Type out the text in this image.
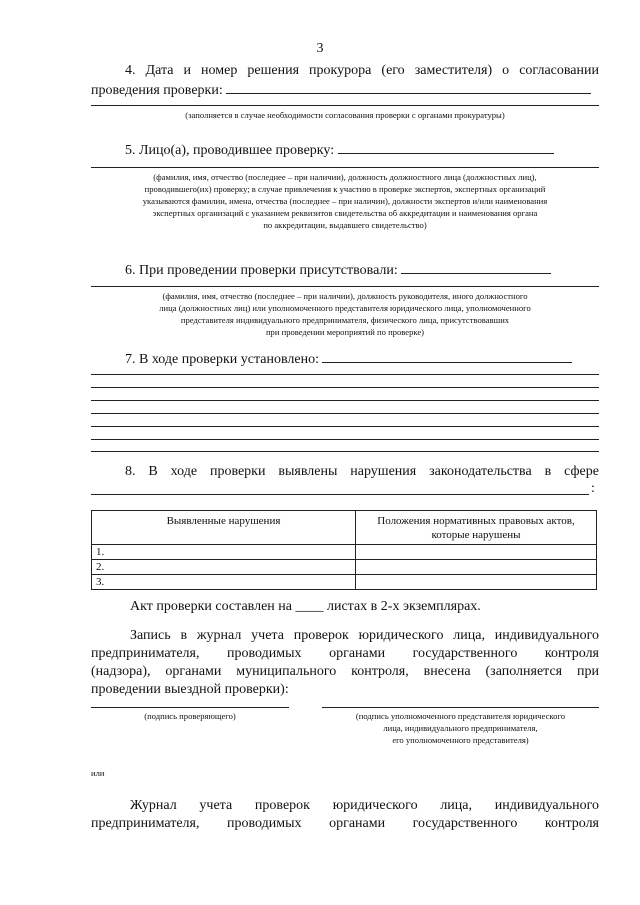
3
4. Дата и номер решения прокурора (его заместителя) о согласовании
проведения проверки:
(заполняется в случае необходимости согласования проверки с органами прокуратуры)
5. Лицо(а), проводившее проверку:
(фамилия, имя, отчество (последнее – при наличии), должность должностного лица (должностных лиц),
проводившего(их) проверку; в случае привлечения к участию в проверке экспертов, экспертных организаций
указываются фамилии, имена, отчества (последнее – при наличии), должности экспертов и/или наименования
экспертных организаций с указанием реквизитов свидетельства об аккредитации и наименования органа
по аккредитации, выдавшего свидетельство)
6. При проведении проверки присутствовали:
(фамилия, имя, отчество (последнее – при наличии), должность руководителя, иного должностного
лица (должностных лиц) или уполномоченного представителя юридического лица, уполномоченного
представителя индивидуального предпринимателя, физического лица, присутствовавших
при проведении мероприятий по проверке)
7. В ходе проверки установлено:
8. В ходе проверки выявлены нарушения законодательства в сфере
:
Выявленные нарушения	Положения нормативных правовых актов, которые нарушены
1.	
2.	
3.	
Акт проверки составлен на ____ листах в 2-х экземплярах.
Запись в журнал учета проверок юридического лица, индивидуального
предпринимателя, проводимых органами государственного контроля
(надзора), органами муниципального контроля, внесена (заполняется при
проведении выездной проверки):
(подпись проверяющего)	(подпись уполномоченного представителя юридического
лица, индивидуального предпринимателя,
его уполномоченного представителя)
или
Журнал учета проверок юридического лица, индивидуального
предпринимателя, проводимых органами государственного контроля
